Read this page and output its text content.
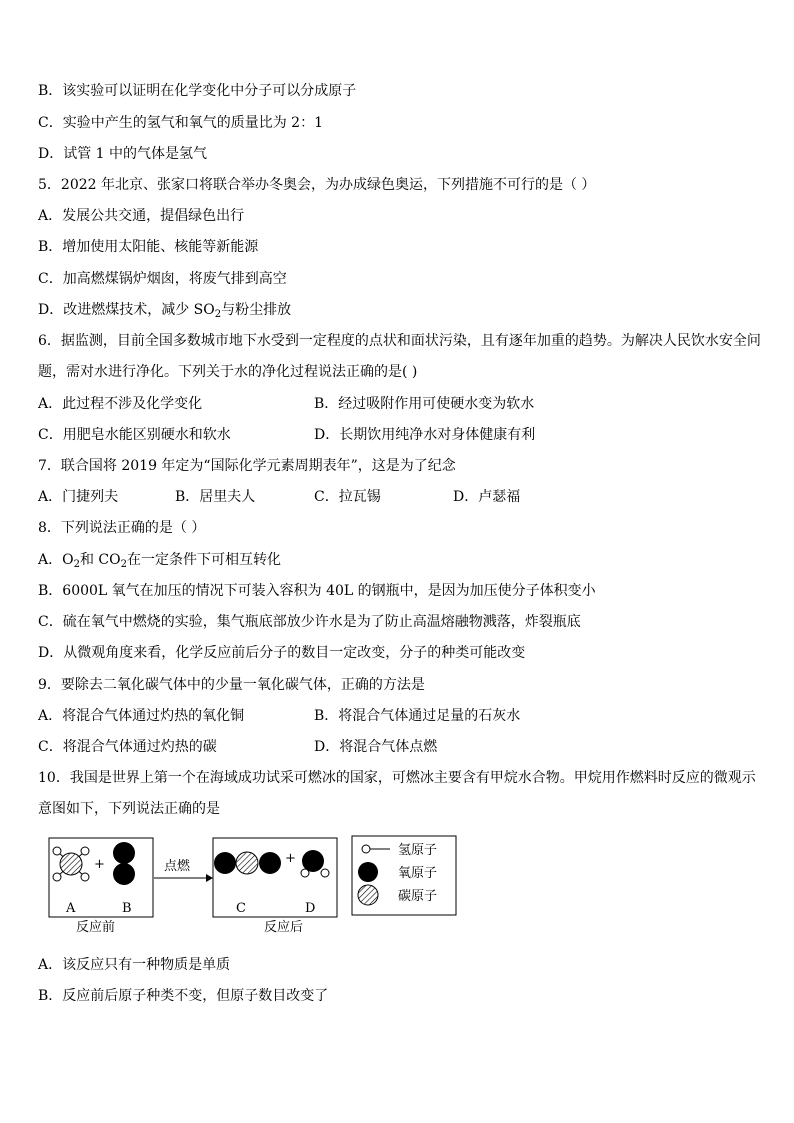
B．该实验可以证明在化学变化中分子可以分成原子
C．实验中产生的氢气和氧气的质量比为 2：1
D．试管 1 中的气体是氢气
5．2022 年北京、张家口将联合举办冬奥会，为办成绿色奥运，下列措施不可行的是（ ）
A．发展公共交通，提倡绿色出行
B．增加使用太阳能、核能等新能源
C．加高燃煤锅炉烟囱，将废气排到高空
D．改进燃煤技术，减少 $SO_2$与粉尘排放
6．据监测，目前全国多数城市地下水受到一定程度的点状和面状污染，且有逐年加重的趋势。为解决人民饮水安全问
题，需对水进行净化。下列关于水的净化过程说法正确的是( )
A．此过程不涉及化学变化	B．经过吸附作用可使硬水变为软水
C．用肥皂水能区别硬水和软水	D．长期饮用纯净水对身体健康有利
7．联合国将 2019 年定为“国际化学元素周期表年”，这是为了纪念
A．门捷列夫	B．居里夫人	C．拉瓦锡	D．卢瑟福
8．下列说法正确的是（ ）
A．$O_2$和 $CO_2$在一定条件下可相互转化
B．6000L 氧气在加压的情况下可装入容积为 40L 的钢瓶中，是因为加压使分子体积变小
C．硫在氧气中燃烧的实验，集气瓶底部放少许水是为了防止高温熔融物溅落，炸裂瓶底
D．从微观角度来看，化学反应前后分子的数目一定改变，分子的种类可能改变
9．要除去二氧化碳气体中的少量一氧化碳气体，正确的方法是
A．将混合气体通过灼热的氧化铜	B．将混合气体通过足量的石灰水
C．将混合气体通过灼热的碳	D．将混合气体点燃
10．我国是世界上第一个在海域成功试采可燃冰的国家，可燃冰主要含有甲烷水合物。甲烷用作燃料时反应的微观示
意图如下，下列说法正确的是
+
A	B
反应前
点燃
+
C	D
反应后
氢原子
氧原子
碳原子
A．该反应只有一种物质是单质
B．反应前后原子种类不变，但原子数目改变了
